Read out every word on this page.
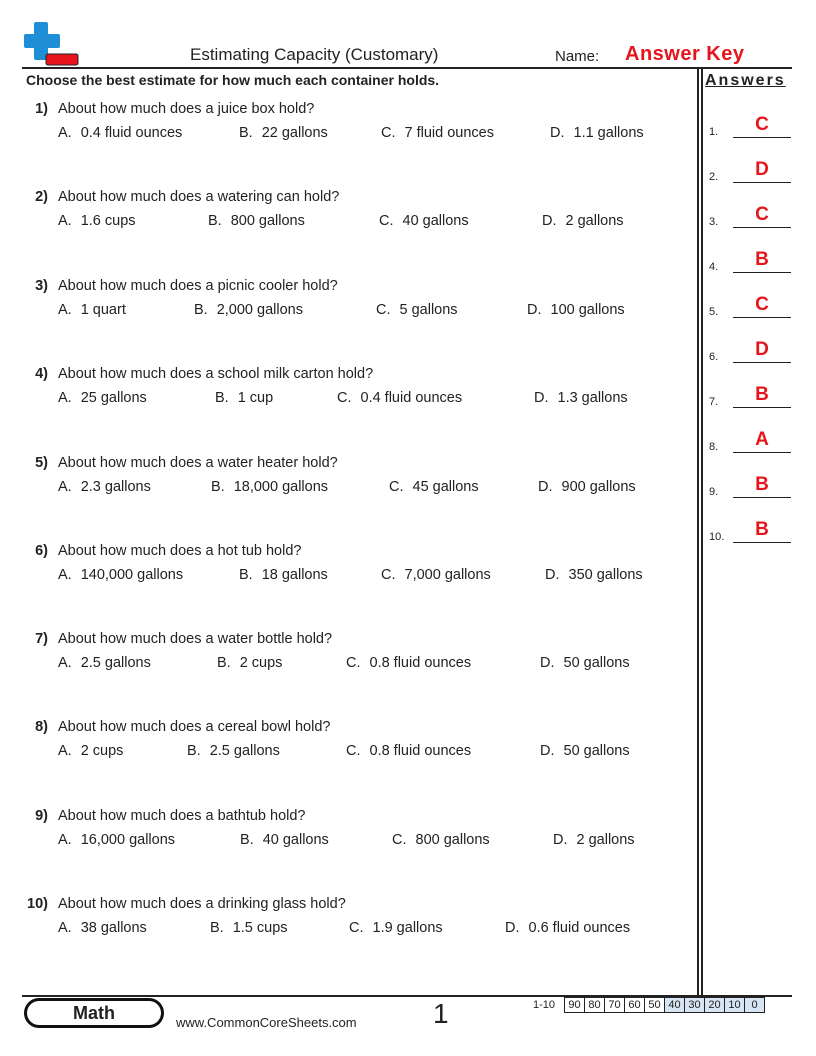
Estimating Capacity (Customary)	Name: Answer Key
Choose the best estimate for how much each container holds.	Answers
1) About how much does a juice box hold?
A. 0.4 fluid ounces	B. 22 gallons	C. 7 fluid ounces	D. 1.1 gallons
2) About how much does a watering can hold?
A. 1.6 cups	B. 800 gallons	C. 40 gallons	D. 2 gallons
3) About how much does a picnic cooler hold?
A. 1 quart	B. 2,000 gallons	C. 5 gallons	D. 100 gallons
4) About how much does a school milk carton hold?
A. 25 gallons	B. 1 cup	C. 0.4 fluid ounces	D. 1.3 gallons
5) About how much does a water heater hold?
A. 2.3 gallons	B. 18,000 gallons	C. 45 gallons	D. 900 gallons
6) About how much does a hot tub hold?
A. 140,000 gallons	B. 18 gallons	C. 7,000 gallons	D. 350 gallons
7) About how much does a water bottle hold?
A. 2.5 gallons	B. 2 cups	C. 0.8 fluid ounces	D. 50 gallons
8) About how much does a cereal bowl hold?
A. 2 cups	B. 2.5 gallons	C. 0.8 fluid ounces	D. 50 gallons
9) About how much does a bathtub hold?
A. 16,000 gallons	B. 40 gallons	C. 800 gallons	D. 2 gallons
10) About how much does a drinking glass hold?
A. 38 gallons	B. 1.5 cups	C. 1.9 gallons	D. 0.6 fluid ounces
1.	C
2.	D
3.	C
4.	B
5.	C
6.	D
7.	B
8.	A
9.	B
10.	B
Math	www.CommonCoreSheets.com	1	1-10 90	80	70	60	50	40	30	20	10	0
